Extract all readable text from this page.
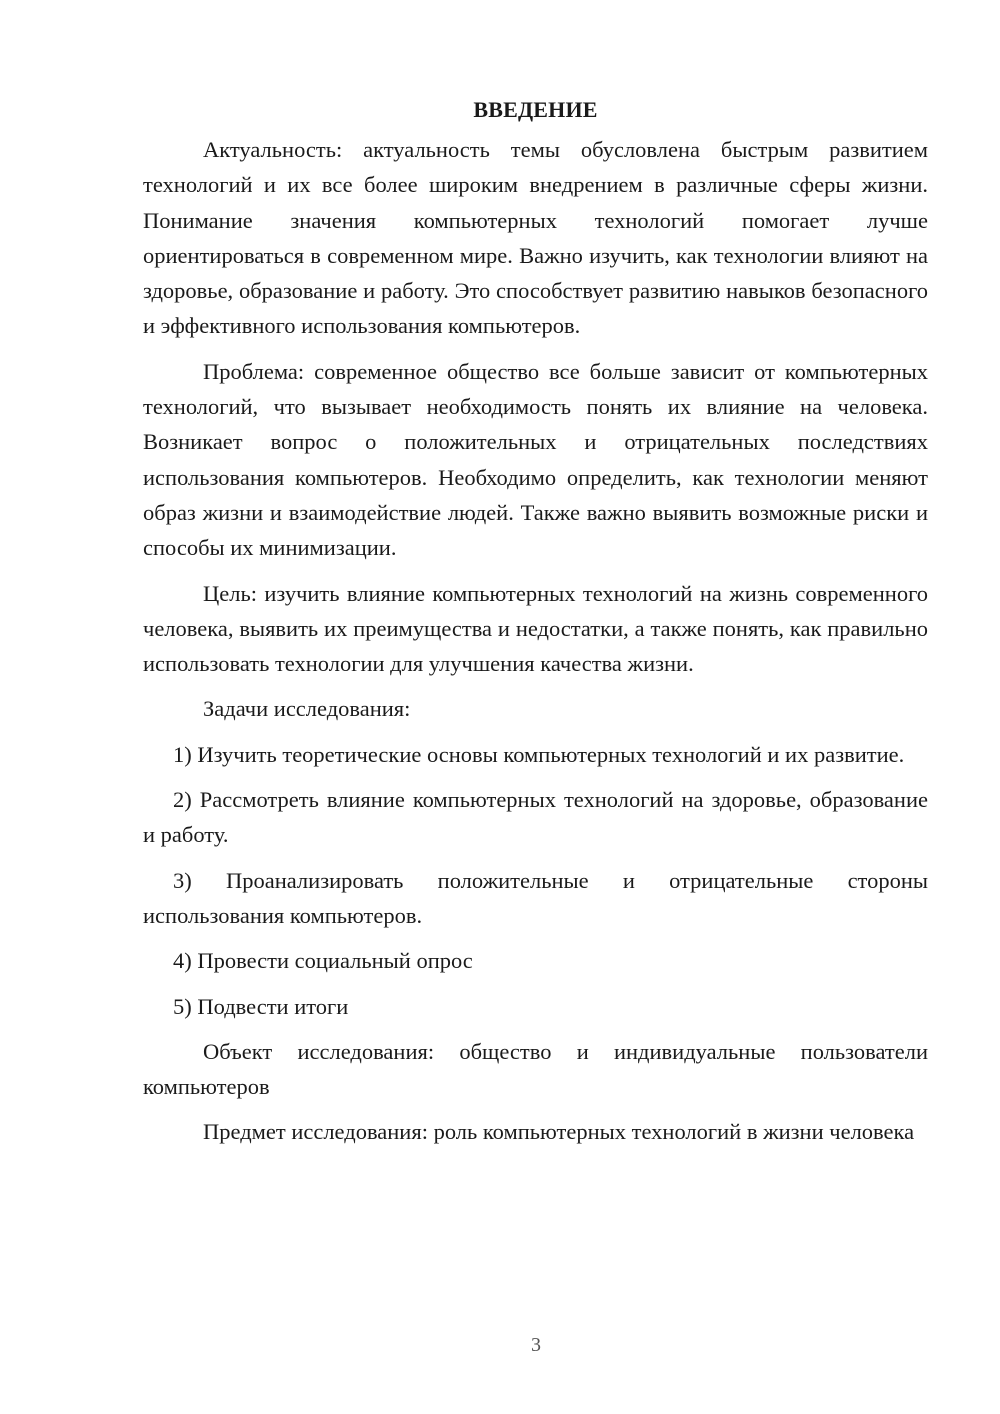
ВВЕДЕНИЕ

Актуальность: актуальность темы обусловлена быстрым развитием технологий и их все более широким внедрением в различные сферы жизни. Понимание значения компьютерных технологий помогает лучше ориентироваться в современном мире. Важно изучить, как технологии влияют на здоровье, образование и работу. Это способствует развитию навыков безопасного и эффективного использования компьютеров.

Проблема: современное общество все больше зависит от компьютерных технологий, что вызывает необходимость понять их влияние на человека. Возникает вопрос о положительных и отрицательных последствиях использования компьютеров. Необходимо определить, как технологии меняют образ жизни и взаимодействие людей. Также важно выявить возможные риски и способы их минимизации.

Цель: изучить влияние компьютерных технологий на жизнь современного человека, выявить их преимущества и недостатки, а также понять, как правильно использовать технологии для улучшения качества жизни.

Задачи исследования:

1) Изучить теоретические основы компьютерных технологий и их развитие.

2) Рассмотреть влияние компьютерных технологий на здоровье, образование и работу.

3) Проанализировать положительные и отрицательные стороны использования компьютеров.

4) Провести социальный опрос

5) Подвести итоги

Объект исследования: общество и индивидуальные пользователи компьютеров

Предмет исследования: роль компьютерных технологий в жизни человека

3
